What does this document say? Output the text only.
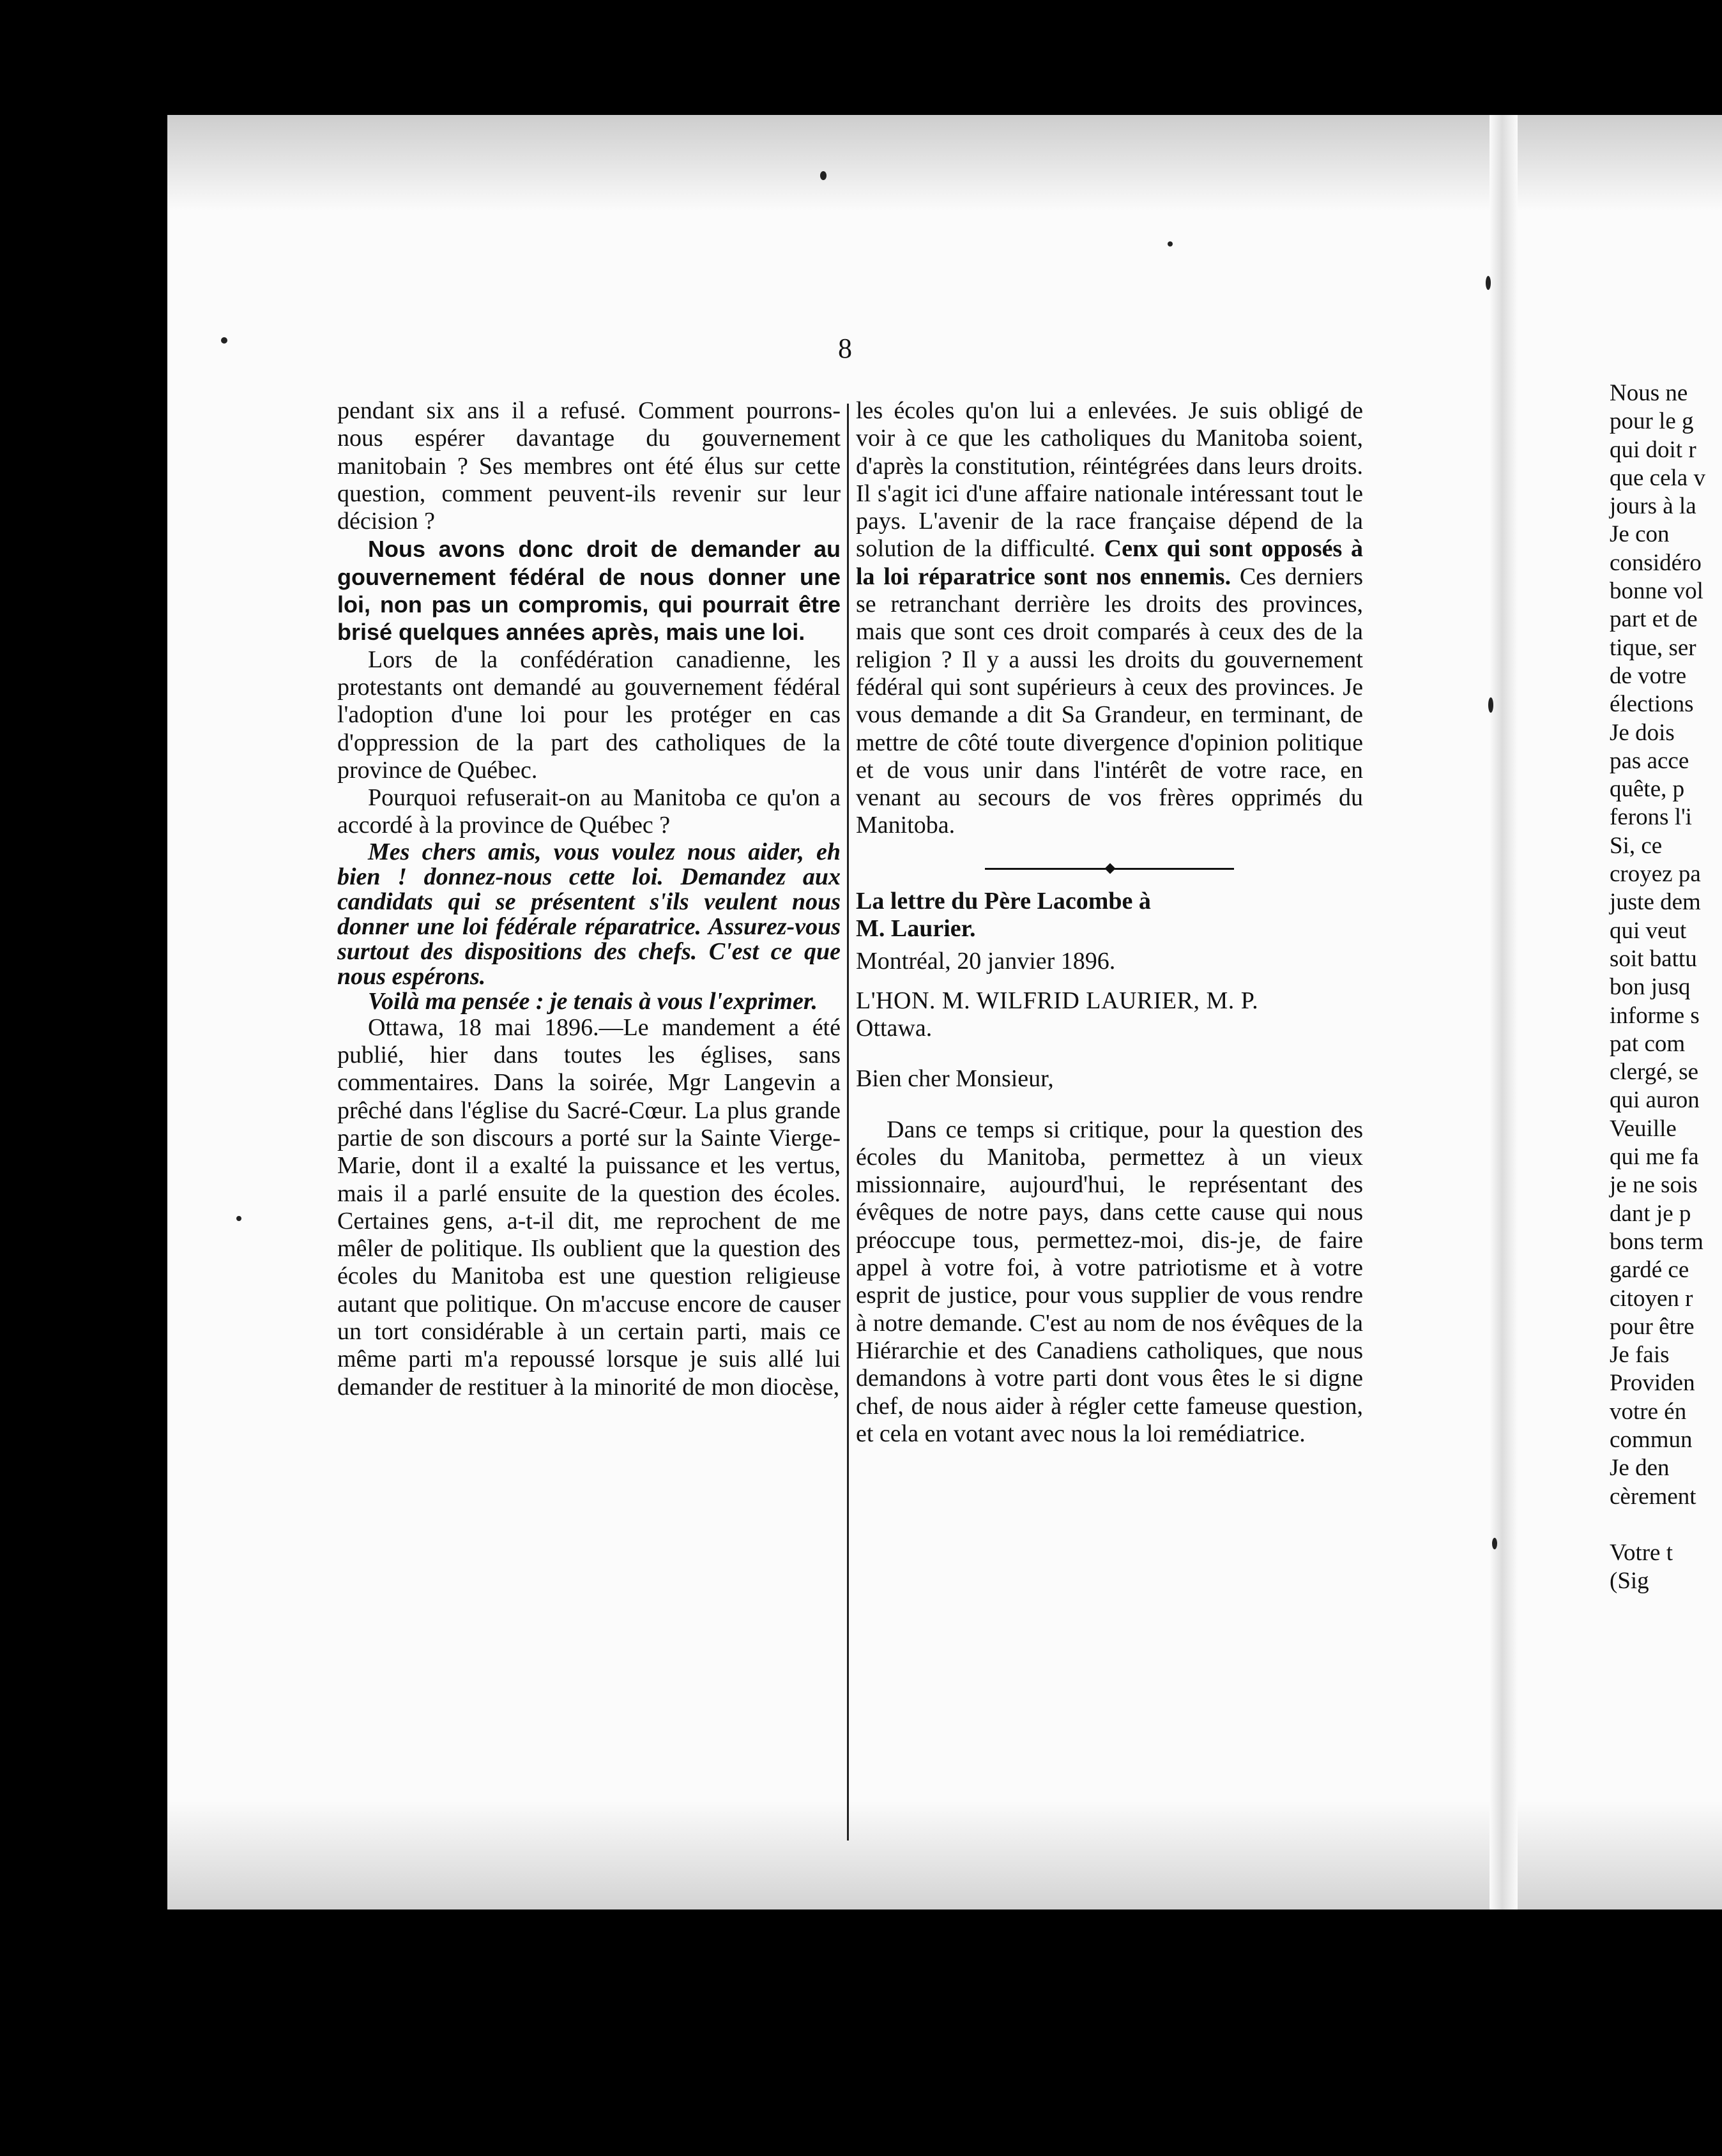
8

pendant six ans il a refusé. Comment pourrons-nous espérer davantage du gouvernement manitobain ? Ses membres ont été élus sur cette question, comment peuvent-ils revenir sur leur décision ?

Nous avons donc droit de demander au gouvernement fédéral de nous donner une loi, non pas un compromis, qui pourrait être brisé quelques années après, mais une loi.

Lors de la confédération canadienne, les protestants ont demandé au gouvernement fédéral l'adoption d'une loi pour les protéger en cas d'oppression de la part des catholiques de la province de Québec.

Pourquoi refuserait-on au Manitoba ce qu'on a accordé à la province de Québec ?

Mes chers amis, vous voulez nous aider, eh bien ! donnez-nous cette loi. Demandez aux candidats qui se présentent s'ils veulent nous donner une loi fédérale réparatrice. Assurez-vous surtout des dispositions des chefs. C'est ce que nous espérons.

Voilà ma pensée : je tenais à vous l'exprimer.

Ottawa, 18 mai 1896.—Le mandement a été publié, hier dans toutes les églises, sans commentaires. Dans la soirée, Mgr Langevin a prêché dans l'église du Sacré-Cœur. La plus grande partie de son discours a porté sur la Sainte Vierge-Marie, dont il a exalté la puissance et les vertus, mais il a parlé ensuite de la question des écoles. Certaines gens, a-t-il dit, me reprochent de me mêler de politique. Ils oublient que la question des écoles du Manitoba est une question religieuse autant que politique. On m'accuse encore de causer un tort considérable à un certain parti, mais ce même parti m'a repoussé lorsque je suis allé lui demander de restituer à la minorité de mon diocèse,

les écoles qu'on lui a enlevées. Je suis obligé de voir à ce que les catholiques du Manitoba soient, d'après la constitution, réintégrées dans leurs droits. Il s'agit ici d'une affaire nationale intéressant tout le pays. L'avenir de la race française dépend de la solution de la difficulté. Cenx qui sont opposés à la loi réparatrice sont nos ennemis. Ces derniers se retranchant derrière les droits des provinces, mais que sont ces droit comparés à ceux des de la religion ? Il y a aussi les droits du gouvernement fédéral qui sont supérieurs à ceux des provinces. Je vous demande a dit Sa Grandeur, en terminant, de mettre de côté toute divergence d'opinion politique et de vous unir dans l'intérêt de votre race, en venant au secours de vos frères opprimés du Manitoba.

La lettre du Père Lacombe à

M. Laurier.

Montréal, 20 janvier 1896.

L'HON. M. WILFRID LAURIER, M. P.

Ottawa.

Bien cher Monsieur,

Dans ce temps si critique, pour la question des écoles du Manitoba, permettez à un vieux missionnaire, aujourd'hui, le représentant des évêques de notre pays, dans cette cause qui nous préoccupe tous, permettez-moi, dis-je, de faire appel à votre foi, à votre patriotisme et à votre esprit de justice, pour vous supplier de vous rendre à notre demande. C'est au nom de nos évêques de la Hiérarchie et des Canadiens catholiques, que nous demandons à votre parti dont vous êtes le si digne chef, de nous aider à régler cette fameuse question, et cela en votant avec nous la loi remédiatrice.

Nous ne
pour le g
qui doit r
que cela v
jours à la
Je con
considéro
bonne vol
part et de
tique, ser
de votre
élections
Je dois
pas acce
quête, p
ferons l'i
Si, ce
croyez pa
juste dem
qui veut
soit battu
bon jusq
informe s
pat com
clergé, se
qui auron
Veuille
qui me fa
je ne sois
dant je p
bons term
gardé ce
citoyen r
pour être
Je fais
Providen
votre én
commun
Je den
cèrement

Votre t
(Sig
